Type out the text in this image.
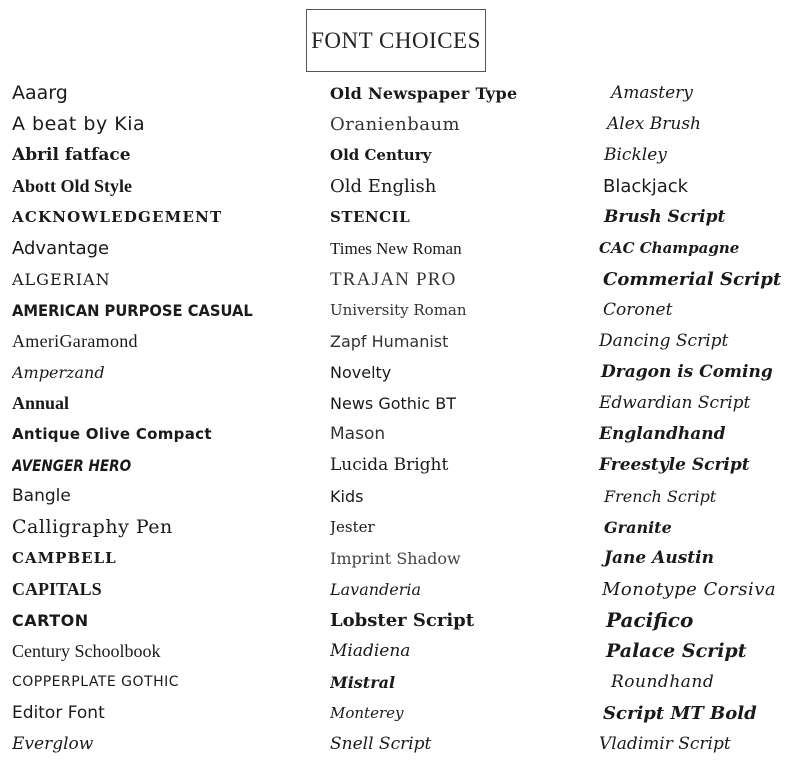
FONT CHOICES
Aaarg
A beat by Kia
Abril fatface
Abott Old Style
ACKNOWLEDGEMENT
Advantage
ALGERIAN
AMERICAN PURPOSE CASUAL
AmeriGaramond
Amperzand
Annual
Antique Olive Compact
AVENGER HERO
Bangle
Calligraphy Pen
CAMPBELL
CAPITALS
CARTON
Century Schoolbook
COPPERPLATE GOTHIC
Editor Font
Everglow
Old Newspaper Type
Oranienbaum
Old Century
Old English
STENCIL
Times New Roman
TRAJAN PRO
University Roman
Zapf Humanist
Novelty
News Gothic BT
Mason
Lucida Bright
Kids
Jester
Imprint Shadow
Lavanderia
Lobster Script
Miadiena
Mistral
Monterey
Snell Script
Amastery
Alex Brush
Bickley
Blackjack
Brush Script
CAC Champagne
Commerial Script
Coronet
Dancing Script
Dragon is Coming
Edwardian Script
Englandhand
Freestyle Script
French Script
Granite
Jane Austin
Monotype Corsiva
Pacifico
Palace Script
Roundhand
Script MT Bold
Vladimir Script
